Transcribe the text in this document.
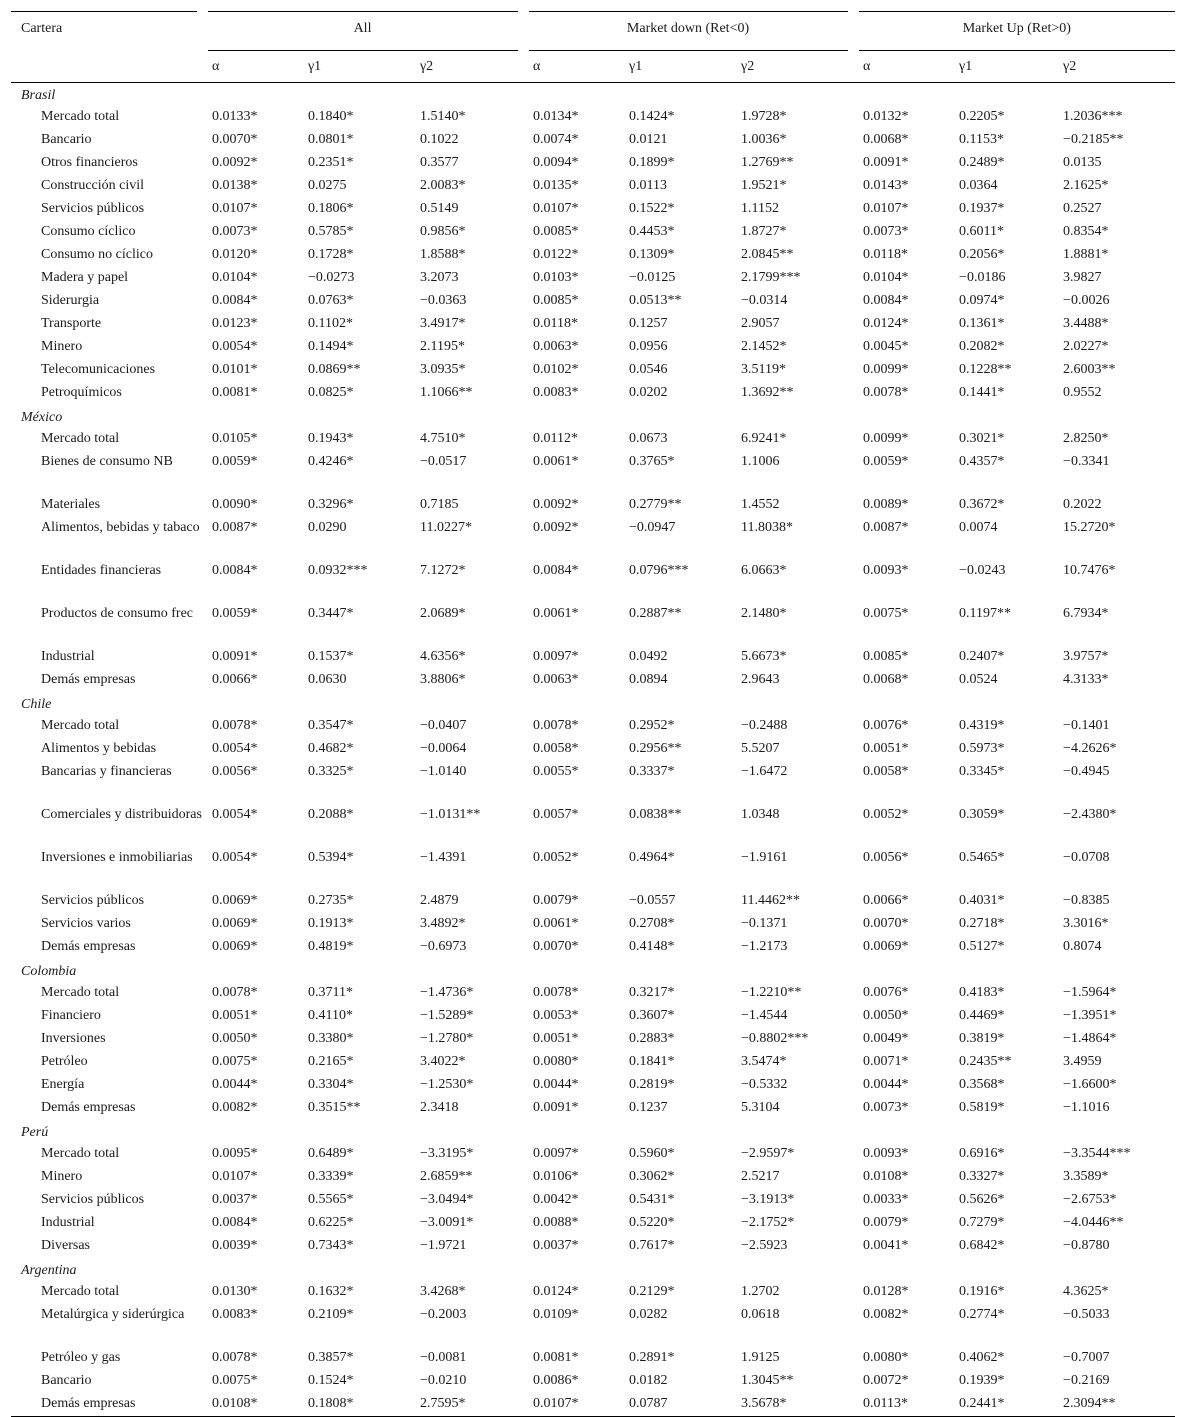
Cartera	All			Market down (Ret<0)			Market Up (Ret>0)		
	α	γ1	γ2	α	γ1	γ2	α	γ1	γ2
Brasil									
Mercado total	0.0133*	0.1840*	1.5140*	0.0134*	0.1424*	1.9728*	0.0132*	0.2205*	1.2036***
Bancario	0.0070*	0.0801*	0.1022	0.0074*	0.0121	1.0036*	0.0068*	0.1153*	−0.2185**
Otros financieros	0.0092*	0.2351*	0.3577	0.0094*	0.1899*	1.2769**	0.0091*	0.2489*	0.0135
Construcción civil	0.0138*	0.0275	2.0083*	0.0135*	0.0113	1.9521*	0.0143*	0.0364	2.1625*
Servicios públicos	0.0107*	0.1806*	0.5149	0.0107*	0.1522*	1.1152	0.0107*	0.1937*	0.2527
Consumo cíclico	0.0073*	0.5785*	0.9856*	0.0085*	0.4453*	1.8727*	0.0073*	0.6011*	0.8354*
Consumo no cíclico	0.0120*	0.1728*	1.8588*	0.0122*	0.1309*	2.0845**	0.0118*	0.2056*	1.8881*
Madera y papel	0.0104*	−0.0273	3.2073	0.0103*	−0.0125	2.1799***	0.0104*	−0.0186	3.9827
Siderurgia	0.0084*	0.0763*	−0.0363	0.0085*	0.0513**	−0.0314	0.0084*	0.0974*	−0.0026
Transporte	0.0123*	0.1102*	3.4917*	0.0118*	0.1257	2.9057	0.0124*	0.1361*	3.4488*
Minero	0.0054*	0.1494*	2.1195*	0.0063*	0.0956	2.1452*	0.0045*	0.2082*	2.0227*
Telecomunicaciones	0.0101*	0.0869**	3.0935*	0.0102*	0.0546	3.5119*	0.0099*	0.1228**	2.6003**
Petroquímicos	0.0081*	0.0825*	1.1066**	0.0083*	0.0202	1.3692**	0.0078*	0.1441*	0.9552
México									
Mercado total	0.0105*	0.1943*	4.7510*	0.0112*	0.0673	6.9241*	0.0099*	0.3021*	2.8250*
Bienes de consumo NB	0.0059*	0.4246*	−0.0517	0.0061*	0.3765*	1.1006	0.0059*	0.4357*	−0.3341
Materiales	0.0090*	0.3296*	0.7185	0.0092*	0.2779**	1.4552	0.0089*	0.3672*	0.2022
Alimentos, bebidas y tabaco	0.0087*	0.0290	11.0227*	0.0092*	−0.0947	11.8038*	0.0087*	0.0074	15.2720*
Entidades financieras	0.0084*	0.0932***	7.1272*	0.0084*	0.0796***	6.0663*	0.0093*	−0.0243	10.7476*
Productos de consumo frec	0.0059*	0.3447*	2.0689*	0.0061*	0.2887**	2.1480*	0.0075*	0.1197**	6.7934*
Industrial	0.0091*	0.1537*	4.6356*	0.0097*	0.0492	5.6673*	0.0085*	0.2407*	3.9757*
Demás empresas	0.0066*	0.0630	3.8806*	0.0063*	0.0894	2.9643	0.0068*	0.0524	4.3133*
Chile									
Mercado total	0.0078*	0.3547*	−0.0407	0.0078*	0.2952*	−0.2488	0.0076*	0.4319*	−0.1401
Alimentos y bebidas	0.0054*	0.4682*	−0.0064	0.0058*	0.2956**	5.5207	0.0051*	0.5973*	−4.2626*
Bancarias y financieras	0.0056*	0.3325*	−1.0140	0.0055*	0.3337*	−1.6472	0.0058*	0.3345*	−0.4945
Comerciales y distribuidoras	0.0054*	0.2088*	−1.0131**	0.0057*	0.0838**	1.0348	0.0052*	0.3059*	−2.4380*
Inversiones e inmobiliarias	0.0054*	0.5394*	−1.4391	0.0052*	0.4964*	−1.9161	0.0056*	0.5465*	−0.0708
Servicios públicos	0.0069*	0.2735*	2.4879	0.0079*	−0.0557	11.4462**	0.0066*	0.4031*	−0.8385
Servicios varios	0.0069*	0.1913*	3.4892*	0.0061*	0.2708*	−0.1371	0.0070*	0.2718*	3.3016*
Demás empresas	0.0069*	0.4819*	−0.6973	0.0070*	0.4148*	−1.2173	0.0069*	0.5127*	0.8074
Colombia									
Mercado total	0.0078*	0.3711*	−1.4736*	0.0078*	0.3217*	−1.2210**	0.0076*	0.4183*	−1.5964*
Financiero	0.0051*	0.4110*	−1.5289*	0.0053*	0.3607*	−1.4544	0.0050*	0.4469*	−1.3951*
Inversiones	0.0050*	0.3380*	−1.2780*	0.0051*	0.2883*	−0.8802***	0.0049*	0.3819*	−1.4864*
Petróleo	0.0075*	0.2165*	3.4022*	0.0080*	0.1841*	3.5474*	0.0071*	0.2435**	3.4959
Energía	0.0044*	0.3304*	−1.2530*	0.0044*	0.2819*	−0.5332	0.0044*	0.3568*	−1.6600*
Demás empresas	0.0082*	0.3515**	2.3418	0.0091*	0.1237	5.3104	0.0073*	0.5819*	−1.1016
Perú									
Mercado total	0.0095*	0.6489*	−3.3195*	0.0097*	0.5960*	−2.9597*	0.0093*	0.6916*	−3.3544***
Minero	0.0107*	0.3339*	2.6859**	0.0106*	0.3062*	2.5217	0.0108*	0.3327*	3.3589*
Servicios públicos	0.0037*	0.5565*	−3.0494*	0.0042*	0.5431*	−3.1913*	0.0033*	0.5626*	−2.6753*
Industrial	0.0084*	0.6225*	−3.0091*	0.0088*	0.5220*	−2.1752*	0.0079*	0.7279*	−4.0446**
Diversas	0.0039*	0.7343*	−1.9721	0.0037*	0.7617*	−2.5923	0.0041*	0.6842*	−0.8780
Argentina									
Mercado total	0.0130*	0.1632*	3.4268*	0.0124*	0.2129*	1.2702	0.0128*	0.1916*	4.3625*
Metalúrgica y siderúrgica	0.0083*	0.2109*	−0.2003	0.0109*	0.0282	0.0618	0.0082*	0.2774*	−0.5033
Petróleo y gas	0.0078*	0.3857*	−0.0081	0.0081*	0.2891*	1.9125	0.0080*	0.4062*	−0.7007
Bancario	0.0075*	0.1524*	−0.0210	0.0086*	0.0182	1.3045**	0.0072*	0.1939*	−0.2169
Demás empresas	0.0108*	0.1808*	2.7595*	0.0107*	0.0787	3.5678*	0.0113*	0.2441*	2.3094**
